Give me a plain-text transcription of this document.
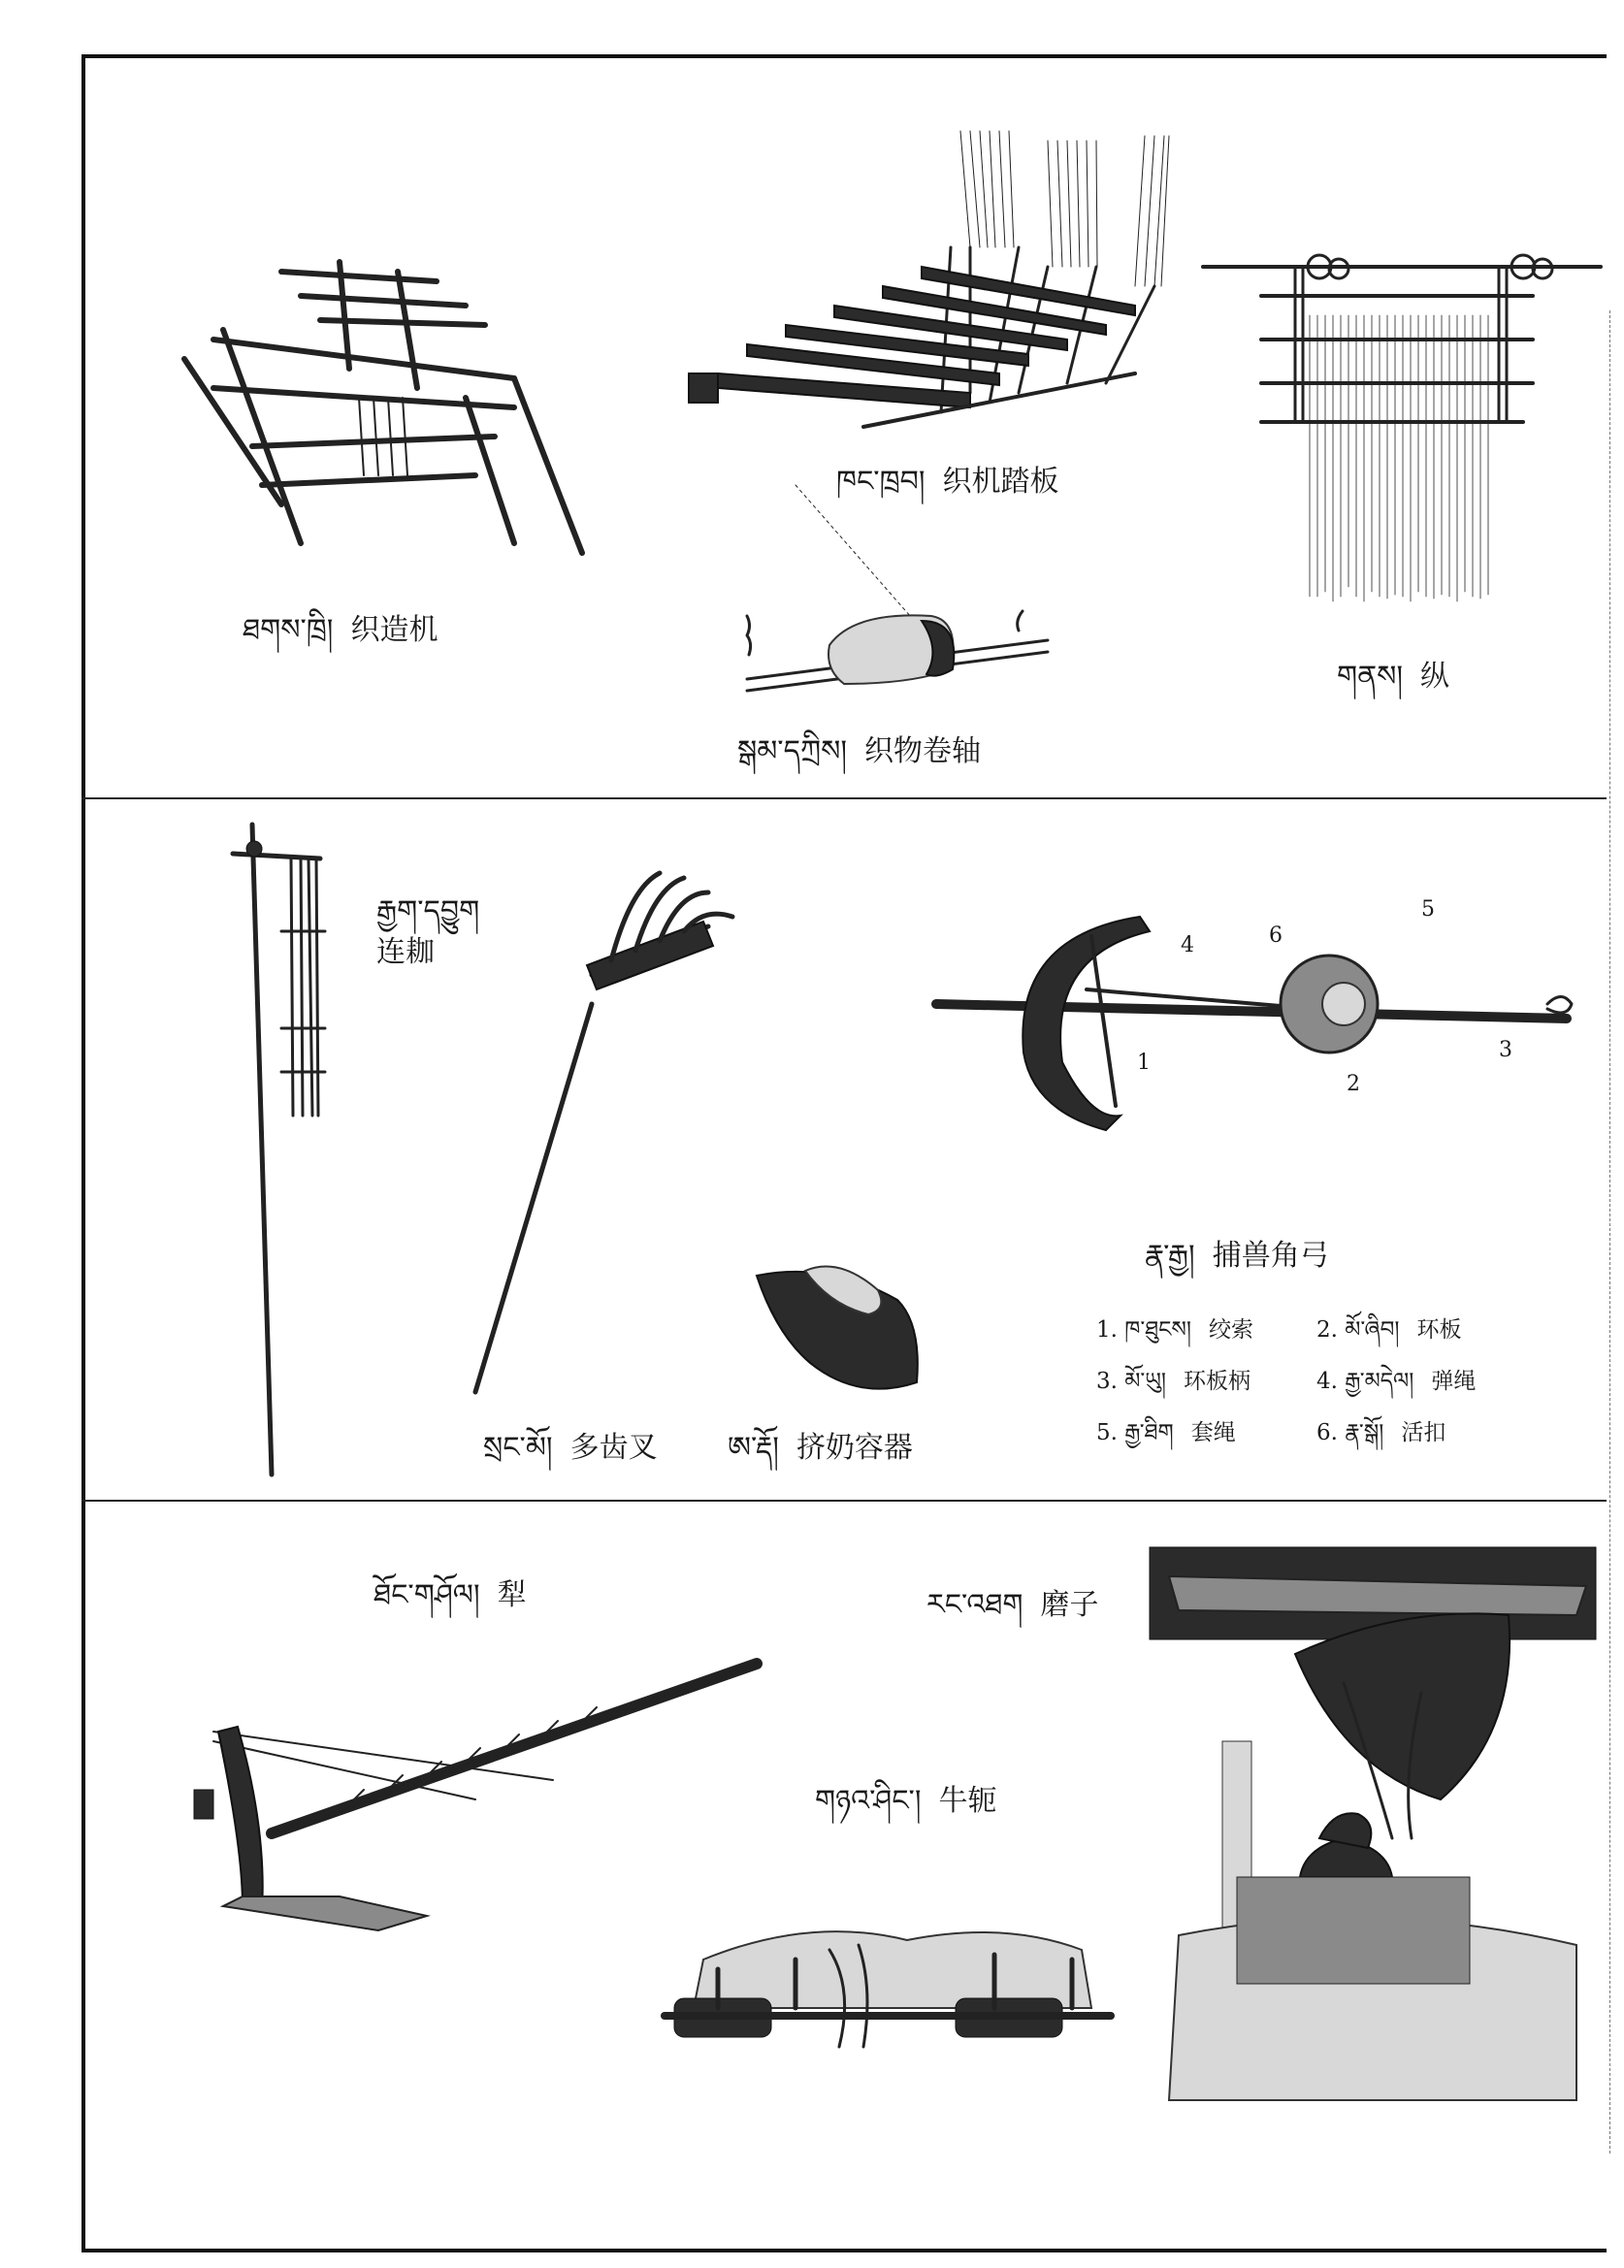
ཐགས་ཁྲི། 织造机
ཁང་ཁྲབ། 织机踏板
གནས། 纵
སྒམ་དཀྲིས། 织物卷轴
རྒྱག་དབྱུག
连耞
སྲང་མོ། 多齿叉 ཨ་རྡོ། 挤奶容器
4	6
5
1
2
3
རྣ་རྒྱ། 捕兽角弓
1. ཁ་ཐུངས། 绞索	2. མོ་ཞིབ། 环板
3. མོ་ཡུ། 环板柄	4. རྒྱ་མདེལ། 弹绳
5. རྒྱ་ཐིག 套绳	6. རྣ་སྒོ། 活扣
ཐོང་གཤོལ། 犁	རང་འཐག 磨子
གཉའ་ཤིང་། 牛轭
